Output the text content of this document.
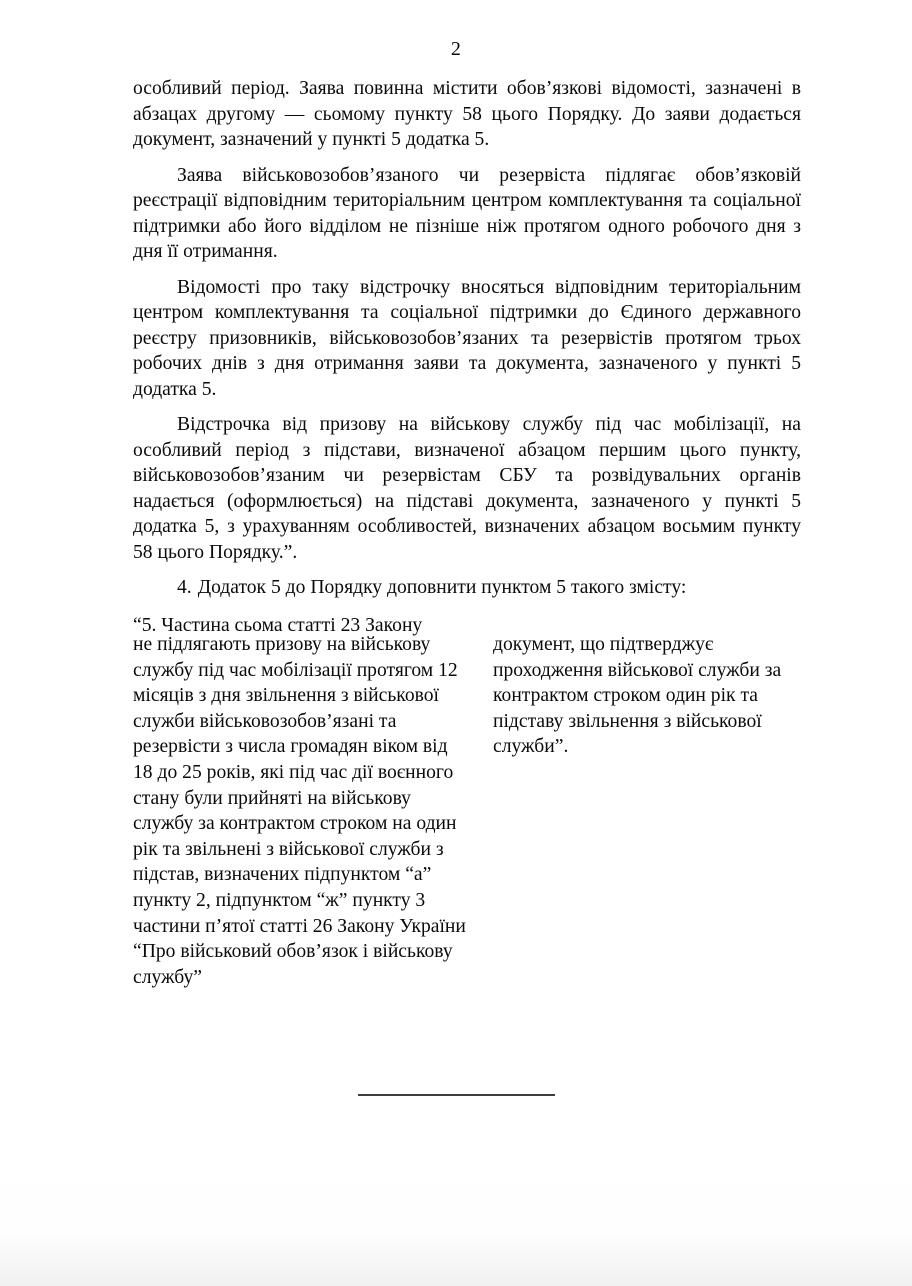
2

особливий період. Заява повинна містити обов’язкові відомості, зазначені в абзацах другому — сьомому пункту 58 цього Порядку. До заяви додається документ, зазначений у пункті 5 додатка 5.

Заява військовозобов’язаного чи резервіста підлягає обов’язковій реєстрації відповідним територіальним центром комплектування та соціальної підтримки або його відділом не пізніше ніж протягом одного робочого дня з дня її отримання.

Відомості про таку відстрочку вносяться відповідним територіальним центром комплектування та соціальної підтримки до Єдиного державного реєстру призовників, військовозобов’язаних та резервістів протягом трьох робочих днів з дня отримання заяви та документа, зазначеного у пункті 5 додатка 5.

Відстрочка від призову на військову службу під час мобілізації, на особливий період з підстави, визначеної абзацом першим цього пункту, військовозобов’язаним чи резервістам СБУ та розвідувальних органів надається (оформлюється) на підставі документа, зазначеного у пункті 5 додатка 5, з урахуванням особливостей, визначених абзацом восьмим пункту 58 цього Порядку.”.

4. Додаток 5 до Порядку доповнити пунктом 5 такого змісту:

“5. Частина сьома статті 23 Закону

не підлягають призову на військову службу під час мобілізації протягом 12 місяців з дня звільнення з військової служби військовозобов’язані та резервісти з числа громадян віком від 18 до 25 років, які під час дії воєнного стану були прийняті на військову службу за контрактом строком на один рік та звільнені з військової служби з підстав, визначених підпунктом “а” пункту 2, підпунктом “ж” пункту 3 частини п’ятої статті 26 Закону України “Про військовий обов’язок і військову службу”

документ, що підтверджує проходження військової служби за контрактом строком один рік та підставу звільнення з військової служби”.
